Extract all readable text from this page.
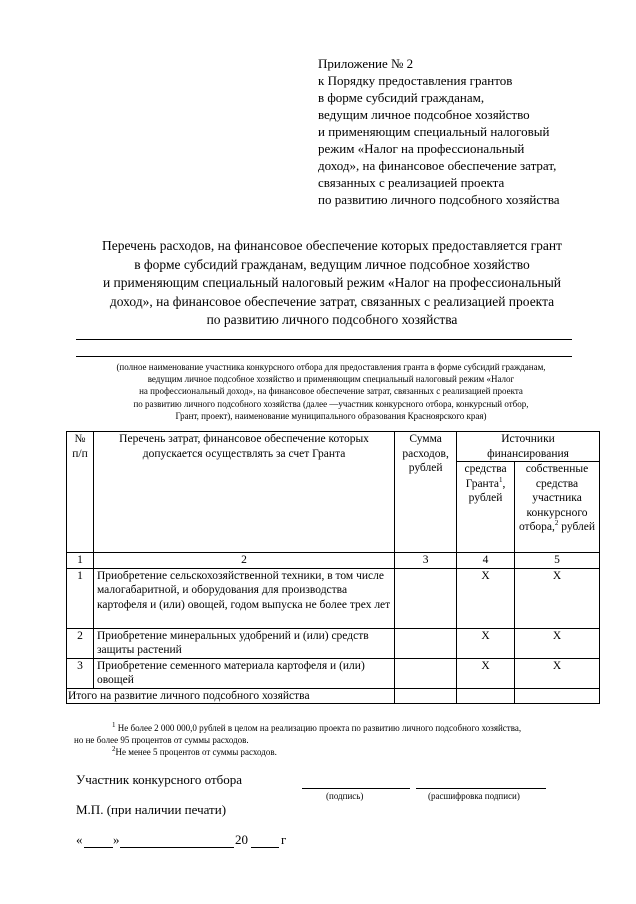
Приложение № 2
к Порядку предоставления грантов
в форме субсидий гражданам,
ведущим личное подсобное хозяйство
и применяющим специальный налоговый
режим «Налог на профессиональный
доход», на финансовое обеспечение затрат,
связанных с реализацией проекта
по развитию личного подсобного хозяйства
Перечень расходов, на финансовое обеспечение которых предоставляется грант
в форме субсидий гражданам, ведущим личное подсобное хозяйство
и применяющим специальный налоговый режим «Налог на профессиональный
доход», на финансовое обеспечение затрат, связанных с реализацией проекта
по развитию личного подсобного хозяйства
(полное наименование участника конкурсного отбора для предоставления гранта в форме субсидий гражданам,
ведущим личное подсобное хозяйство и применяющим специальный налоговый режим «Налог
на профессиональный доход», на финансовое обеспечение затрат, связанных с реализацией проекта
по развитию личного подсобного хозяйства (далее —участник конкурсного отбора, конкурсный отбор,
Грант, проект), наименование муниципального образования Красноярского края)
№ п/п	Перечень затрат, финансовое обеспечение которых допускается осуществлять за счет Гранта	Сумма расходов, рублей	Источники финансирования	
			средства Гранта$^1$, рублей	собственные средства участника конкурсного отбора,$^2$ рублей
1	2	3	4	5
1	Приобретение сельскохозяйственной техники, в том числе малогабаритной, и оборудования для производства картофеля и (или) овощей, годом выпуска не более трех лет		Х	Х
2	Приобретение минеральных удобрений и (или) средств защиты растений		Х	Х
3	Приобретение семенного материала картофеля и (или) овощей		Х	Х
Итого на развитие личного подсобного хозяйства				
$^1$ Не более 2 000 000,0 рублей в целом на реализацию проекта по развитию личного подсобного хозяйства,
но не более 95 процентов от суммы расходов.
$^2$Не менее 5 процентов от суммы расходов.
Участник конкурсного отбора
(подпись)	(расшифровка подписи)
М.П. (при наличии печати)
« »	20	г
